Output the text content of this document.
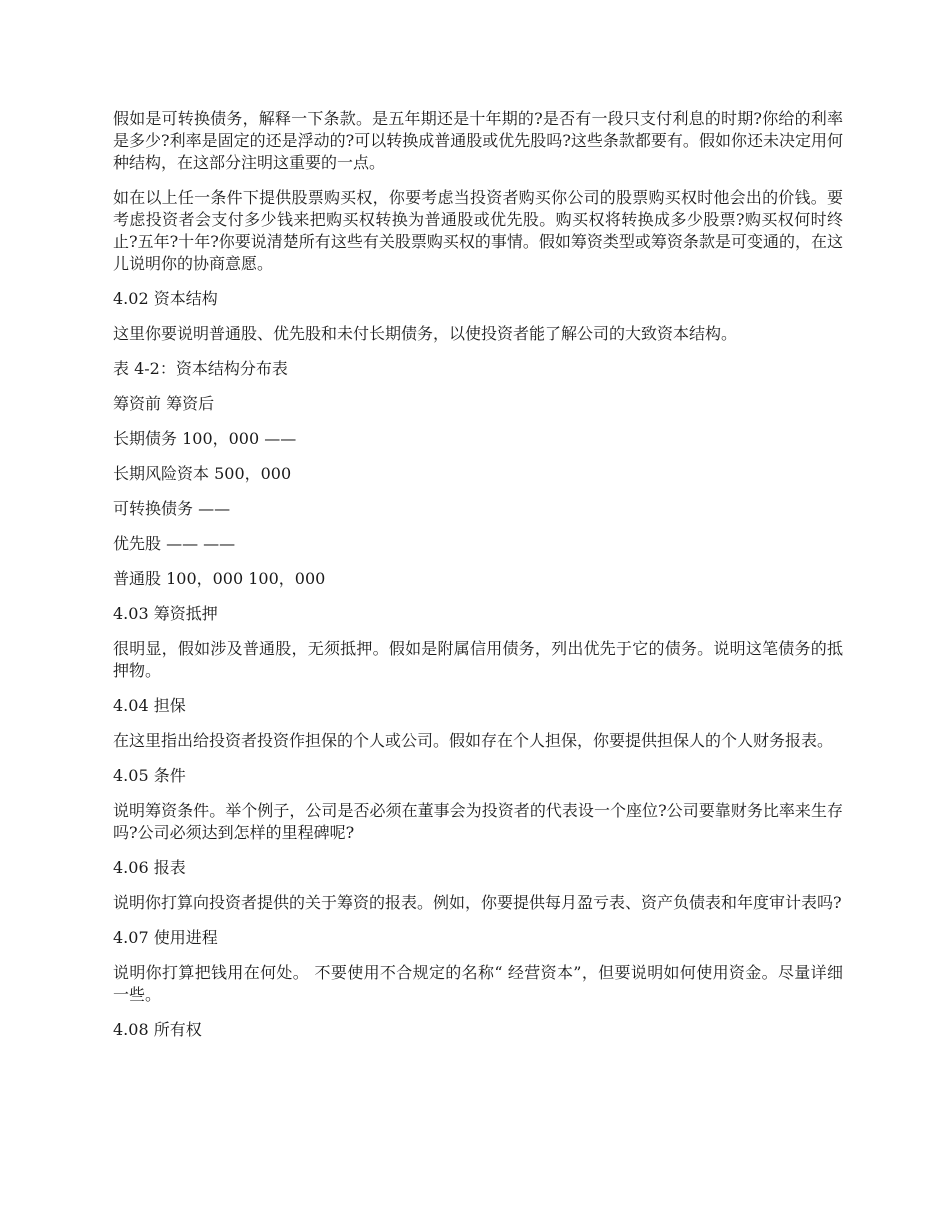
假如是可转换债务，解释一下条款。是五年期还是十年期的?是否有一段只支付利息的时期?你给的利率是多少?利率是固定的还是浮动的?可以转换成普通股或优先股吗?这些条款都要有。假如你还未决定用何种结构，在这部分注明这重要的一点。
如在以上任一条件下提供股票购买权，你要考虑当投资者购买你公司的股票购买权时他会出的价钱。要考虑投资者会支付多少钱来把购买权转换为普通股或优先股。购买权将转换成多少股票?购买权何时终止?五年?十年?你要说清楚所有这些有关股票购买权的事情。假如筹资类型或筹资条款是可变通的，在这儿说明你的协商意愿。
4.02 资本结构
这里你要说明普通股、优先股和未付长期债务，以使投资者能了解公司的大致资本结构。
表 4-2：资本结构分布表
筹资前 筹资后
长期债务 100，000 ——
长期风险资本 500，000
可转换债务 ——
优先股 —— ——
普通股 100，000 100，000
4.03 筹资抵押
很明显，假如涉及普通股，无须抵押。假如是附属信用债务，列出优先于它的债务。说明这笔债务的抵押物。
4.04 担保
在这里指出给投资者投资作担保的个人或公司。假如存在个人担保，你要提供担保人的个人财务报表。
4.05 条件
说明筹资条件。举个例子，公司是否必须在董事会为投资者的代表设一个座位?公司要靠财务比率来生存吗?公司必须达到怎样的里程碑呢?
4.06 报表
说明你打算向投资者提供的关于筹资的报表。例如，你要提供每月盈亏表、资产负债表和年度审计表吗?
4.07 使用进程
说明你打算把钱用在何处。 不要使用不合规定的名称“ 经营资本”，但要说明如何使用资金。尽量详细一些。
4.08 所有权
